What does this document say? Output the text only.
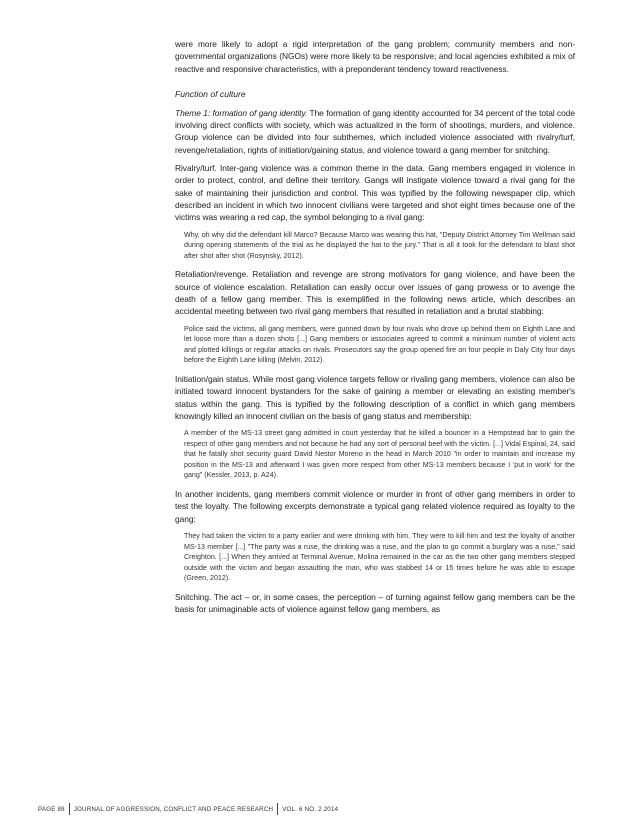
were more likely to adopt a rigid interpretation of the gang problem; community members and non-governmental organizations (NGOs) were more likely to be responsive; and local agencies exhibited a mix of reactive and responsive characteristics, with a preponderant tendency toward reactiveness.

Function of culture

Theme 1: formation of gang identity. The formation of gang identity accounted for 34 percent of the total code involving direct conflicts with society, which was actualized in the form of shootings, murders, and violence. Group violence can be divided into four subthemes, which included violence associated with rivalry/turf, revenge/retaliation, rights of initiation/gaining status, and violence toward a gang member for snitching.

Rivalry/turf. Inter-gang violence was a common theme in the data. Gang members engaged in violence in order to protect, control, and define their territory. Gangs will instigate violence toward a rival gang for the sake of maintaining their jurisdiction and control. This was typified by the following newspaper clip, which described an incident in which two innocent civilians were targeted and shot eight times because one of the victims was wearing a red cap, the symbol belonging to a rival gang:

Why, oh why did the defendant kill Marco? Because Marco was wearing this hat, "Deputy District Attorney Tim Wellman said during opening statements of the trial as he displayed the hat to the jury." That is all it took for the defendant to blast shot after shot after shot (Rosynsky, 2012).

Retaliation/revenge. Retaliation and revenge are strong motivators for gang violence, and have been the source of violence escalation. Retaliation can easily occur over issues of gang prowess or to avenge the death of a fellow gang member. This is exemplified in the following news article, which describes an accidental meeting between two rival gang members that resulted in retaliation and a brutal stabbing:

Police said the victims, all gang members, were gunned down by four rivals who drove up behind them on Eighth Lane and let loose more than a dozen shots [...] Gang members or associates agreed to commit a minimum number of violent acts and plotted killings or regular attacks on rivals. Prosecutors say the group opened fire on four people in Daly City four days before the Eighth Lane killing (Melvin, 2012).

Initiation/gain status. While most gang violence targets fellow or rivaling gang members, violence can also be initiated toward innocent bystanders for the sake of gaining a member or elevating an existing member's status within the gang. This is typified by the following description of a conflict in which gang members knowingly killed an innocent civilian on the basis of gang status and membership:

A member of the MS-13 street gang admitted in court yesterday that he killed a bouncer in a Hempstead bar to gain the respect of other gang members and not because he had any sort of personal beef with the victim. [...] Vidal Espinal, 24, said that he fatally shot security guard David Nestor Moreno in the head in March 2010 "in order to maintain and increase my position in the MS-13 and afterward I was given more respect from other MS-13 members because I 'put in work' for the gang" (Kessler, 2013, p. A24).

In another incidents, gang members commit violence or murder in front of other gang members in order to test the loyalty. The following excerpts demonstrate a typical gang related violence required as loyalty to the gang:

They had taken the victim to a party earlier and were drinking with him. They were to kill him and test the loyalty of another MS-13 member [...] "The party was a ruse, the drinking was a ruse, and the plan to go commit a burglary was a ruse," said Creighton. [...] When they arrived at Terminal Avenue, Molina remained in the car as the two other gang members stepped outside with the victim and began assaulting the man, who was stabbed 14 or 15 times before he was able to escape (Green, 2012).

Snitching. The act – or, in some cases, the perception – of turning against fellow gang members can be the basis for unimaginable acts of violence against fellow gang members, as

PAGE 88 JOURNAL OF AGGRESSION, CONFLICT AND PEACE RESEARCH VOL. 6 NO. 2 2014
